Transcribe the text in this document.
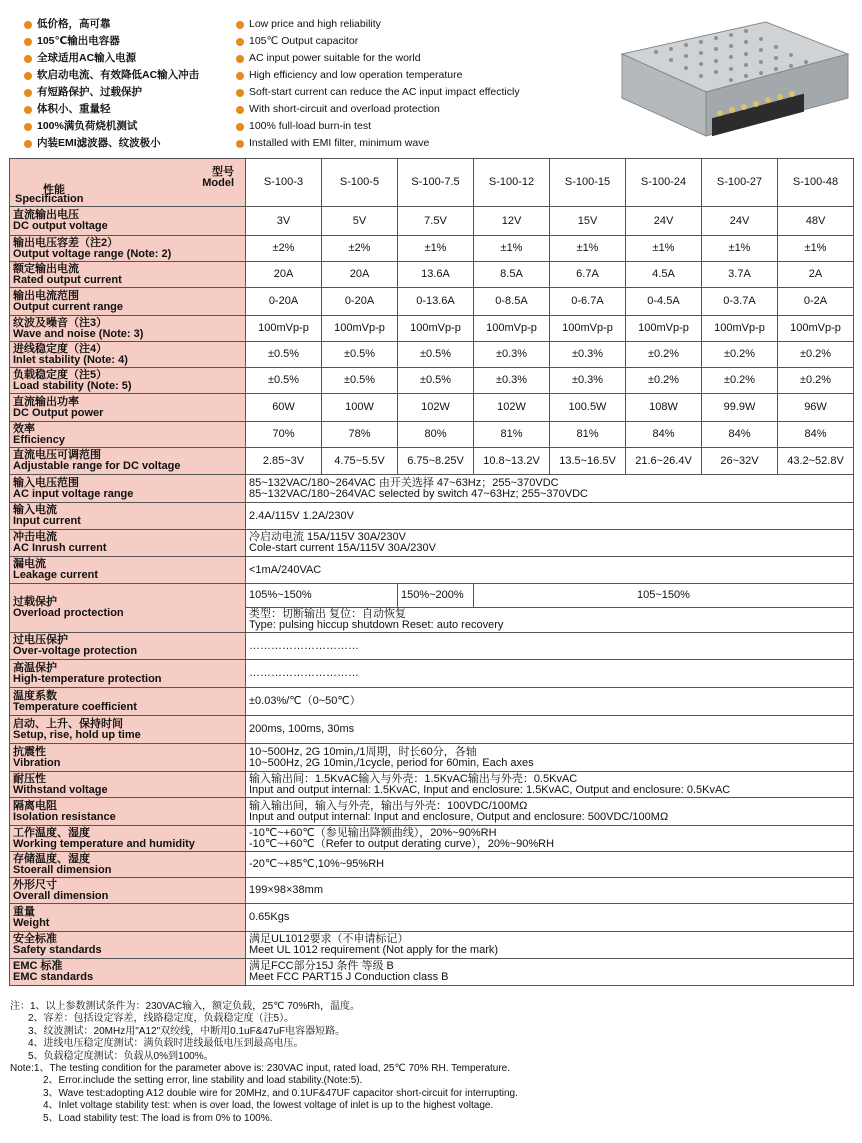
低价格，高可靠
105℃输出电容器
全球适用AC输入电源
软启动电流、有效降低AC输入冲击
有短路保护、过载保护
体积小、重量轻
100%满负荷烧机测试
内装EMI滤波器、纹波极小
Low price and high reliability
105℃ Output capacitor
AC input power suitable for the world
High efficiency and low operation temperature
Soft-start current can reduce the AC input impact effecticly
With short-circuit and overload protection
100% full-load burn-in test
Installed with EMI filter, minimum wave
型号
Model
性能
Specification	S-100-3	S-100-5	S-100-7.5	S-100-12	S-100-15	S-100-24	S-100-27	S-100-48

直流输出电压
DC output voltage	3V	5V	7.5V	12V	15V	24V	24V	48V

输出电压容差（注2）
Output voltage range (Note: 2)	±2%	±2%	±1%	±1%	±1%	±1%	±1%	±1%

额定输出电流
Rated output current	20A	20A	13.6A	8.5A	6.7A	4.5A	3.7A	2A

输出电流范围
Output current range	0-20A	0-20A	0-13.6A	0-8.5A	0-6.7A	0-4.5A	0-3.7A	0-2A

纹波及噪音（注3）
Wave and noise (Note: 3)	100mVp-p	100mVp-p	100mVp-p	100mVp-p	100mVp-p	100mVp-p	100mVp-p	100mVp-p

进线稳定度（注4）
Inlet stability (Note: 4)	±0.5%	±0.5%	±0.5%	±0.3%	±0.3%	±0.2%	±0.2%	±0.2%

负载稳定度（注5）
Load stability (Note: 5)	±0.5%	±0.5%	±0.5%	±0.3%	±0.3%	±0.2%	±0.2%	±0.2%

直流输出功率
DC Output power	60W	100W	102W	102W	100.5W	108W	99.9W	96W

效率
Efficiency	70%	78%	80%	81%	81%	84%	84%	84%

直流电压可调范围
Adjustable range for DC voltage	2.85~3V	4.75~5.5V	6.75~8.25V	10.8~13.2V	13.5~16.5V	21.6~26.4V	26~32V	43.2~52.8V

输入电压范围
AC input voltage range	85~132VAC/180~264VAC 由开关选择 47~63Hz；255~370VDC
85~132VAC/180~264VAC selected by switch 47~63Hz; 255~370VDC							

输入电流
Input current	2.4A/115V 1.2A/230V							

冲击电流
AC Inrush current	冷启动电流 15A/115V 30A/230V
Cole-start current 15A/115V 30A/230V							

漏电流
Leakage current	<1mA/240VAC							

过载保护
Overload proctection	105%~150%		150%~200%	105~150%				

	类型：切断输出 复位：自动恢复
Type: pulsing hiccup shutdown Reset: auto recovery							

过电压保护
Over-voltage protection	…………………………							

高温保护
High-temperature protection	…………………………							

温度系数
Temperature coefficient	±0.03%/℃（0~50℃）							

启动、上升、保持时间
Setup, rise, hold up time	200ms, 100ms, 30ms							

抗震性
Vibration	10~500Hz, 2G 10min,/1周期，时长60分，各轴
10~500Hz, 2G 10min,/1cycle, period for 60min, Each axes							

耐压性
Withstand voltage	输入输出间：1.5KvAC输入与外壳：1.5KvAC输出与外壳：0.5KvAC
Input and output internal: 1.5KvAC, Input and enclosure: 1.5KvAC, Output and enclosure: 0.5KvAC							

隔离电阻
Isolation resistance	输入输出间，输入与外壳，输出与外壳：100VDC/100MΩ
Input and output internal: Input and enclosure, Output and enclosure: 500VDC/100MΩ							

工作温度、湿度
Working temperature and humidity	-10℃~+60℃（参见输出降额曲线），20%~90%RH
-10℃~+60℃（Refer to output derating curve），20%~90%RH							

存储温度、湿度
Stoerall dimension	-20℃~+85℃,10%~95%RH							

外形尺寸
Overall dimension	199×98×38mm							

重量
Weight	0.65Kgs							

安全标准
Safety standards	满足UL1012要求（不申请标记）
Meet UL 1012 requirement (Not apply for the mark)							

EMC 标准
EMC standards	满足FCC部分15J 条件 等级 B
Meet FCC PART15 J Conduction class B							
注：1、以上参数测试条件为：230VAC输入，额定负载，25℃ 70%Rh，温度。
2、容差：包括设定容差，线路稳定度，负载稳定度（注5）。
3、纹波测试：20MHz用"A12"双绞线，中断用0.1uF&47uF电容器短路。
4、进线电压稳定度测试：满负载时进线最低电压到最高电压。
5、负载稳定度测试：负载从0%到100%。
Note:1、The testing condition for the parameter above is: 230VAC input, rated load, 25℃ 70% RH. Temperature.
2、Error.include the setting error, line stability and load stability.(Note:5).
3、Wave test:adopting A12 double wire for 20MHz, and 0.1UF&47UF capacitor short-circuit for interrupting.
4、Inlet voltage stability test: when is over load, the lowest voltage of inlet is up to the highest voltage.
5、Load stability test: The load is from 0% to 100%.
